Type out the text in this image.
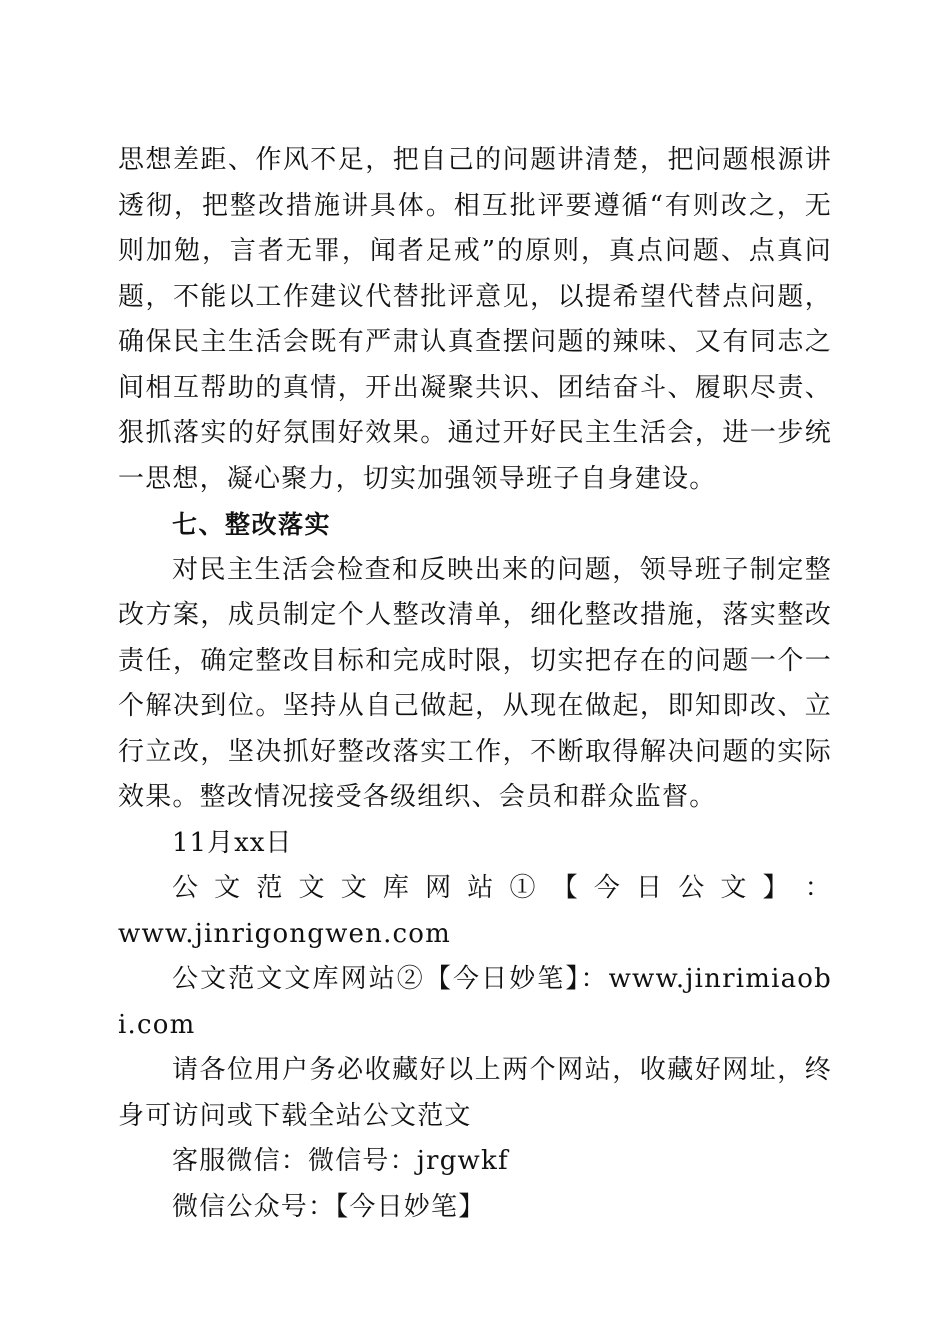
思想差距、作风不足，把自己的问题讲清楚，把问题根源讲透彻，把整改措施讲具体。相互批评要遵循“有则改之，无则加勉，言者无罪，闻者足戒”的原则，真点问题、点真问题，不能以工作建议代替批评意见，以提希望代替点问题，确保民主生活会既有严肃认真查摆问题的辣味、又有同志之间相互帮助的真情，开出凝聚共识、团结奋斗、履职尽责、狠抓落实的好氛围好效果。通过开好民主生活会，进一步统一思想，凝心聚力，切实加强领导班子自身建设。

七、整改落实

对民主生活会检查和反映出来的问题，领导班子制定整改方案，成员制定个人整改清单，细化整改措施，落实整改责任，确定整改目标和完成时限，切实把存在的问题一个一个解决到位。坚持从自己做起，从现在做起，即知即改、立行立改，坚决抓好整改落实工作，不断取得解决问题的实际效果。整改情况接受各级组织、会员和群众监督。

11月xx日

公 文 范 文 文 库 网 站 ① 【 今 日 公 文 】 ：

www.jinrigongwen.com

公文范文文库网站②【今日妙笔】：www.jinrimiaobi.com

请各位用户务必收藏好以上两个网站，收藏好网址，终身可访问或下载全站公文范文

客服微信：微信号：jrgwkf

微信公众号：【今日妙笔】
